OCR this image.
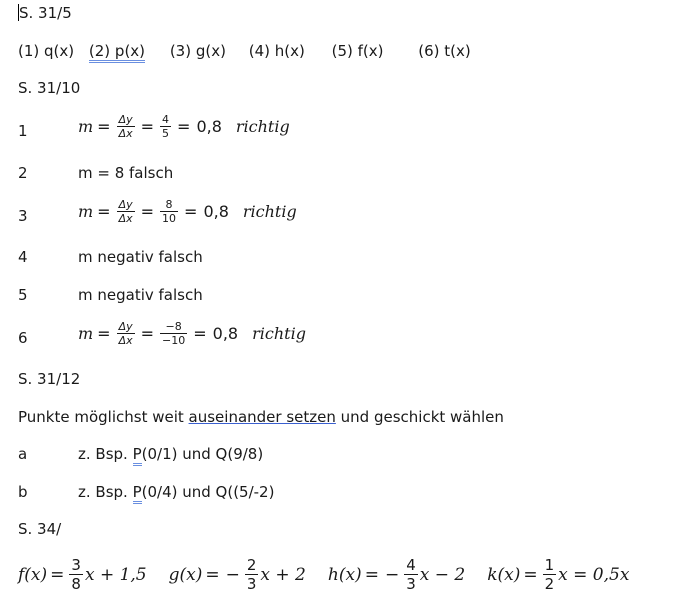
S. 31/5
(1) q(x) (2) p(x) (3) g(x) (4) h(x) (5) f(x) (6) t(x)
S. 31/10
1	$m = \frac{\Delta y}{\Delta x} = \frac{4}{5} = 0,8$ richtig
2	m = 8 falsch
3	$m = \frac{\Delta y}{\Delta x} = \frac{8}{10} = 0,8$ richtig
4	m negativ falsch
5	m negativ falsch
6	$m = \frac{\Delta y}{\Delta x} = \frac{-8}{-10} = 0,8$ richtig
S. 31/12
Punkte möglichst weit auseinander setzen und geschickt wählen
a	z. Bsp. P(0/1) und Q(9/8)
b	z. Bsp. P(0/4) und Q((5/-2)
S. 34/
$f(x) = \frac{3}{8}$ x + 1,5 g(x) = − $\frac{2}{3}$ x + 2 h(x) = − $\frac{4}{3}$ x − 2 $k(x) = \frac{1}{2}$ x = 0,5x
